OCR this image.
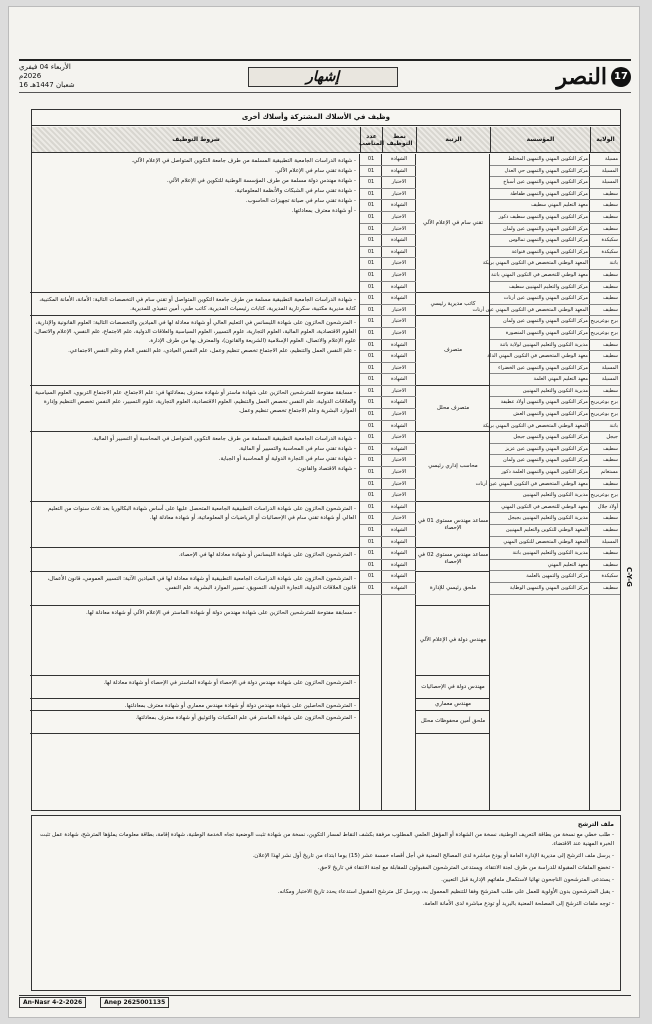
الأربعاء 04 فيفري 2026م
16 شعبان 1447هـ
إشهار	17
النصر
وظيف في الأسلاك المشتركة وأسلاك أخرى
الولاية
المؤسسة
الرتبة
نمط التوظيف
عدد المناصب
شروط التوظيف
مسيلة
المسيلة
المسيلة
سطيف
سطيف
سطيف
سطيف
سكيكدة
سكيكدة
باتنة
سطيف
سطيف
سطيف
سطيف
برج بوعريريج
برج بوعريريج
سطيف
سطيف
المسيلة
المسيلة
سطيف
برج بوعريريج
برج بوعريريج
باتنة
جيجل
سطيف
سطيف
مستغانم
سطيف
برج بوعريريج
أولاد جلال
سطيف
سطيف
المسيلة
سطيف
سطيف
سكيكدة
سطيف
مركز التكوين المهني والتمهين المختلط
مركز التكوين المهني والتمهين حي العدل
مركز التكوين المهني والتمهين عين أسباخ
مركز التكوين المهني والتمهين طفاطة
معهد التعليم المهني سطيف
مركز التكوين المهني والتمهين سطيف ذكور
مركز التكوين المهني والتمهين عين ولمان
مركز التكوين المهني والتمهين تمالوس
مركز التكوين المهني والتمهين قنواعة
المعهد الوطني المتخصص في التكوين المهني بريكة
معهد الوطني للتخصص في التكوين المهني باتنة
مركز التكوين والتعليم المهنيين سطيف
مركز التكوين المهني والتمهين عين أرنات
المعهد الوطني المتخصص في التكوين المهني عين أرنات
مركز التكوين المهني والتمهين عين ولمان
مركز التكوين المهني والتمهين المنصورة
مديرية التكوين والتعليم المهنيين لولاية باتنة
معهد الوطني المتخصص في التكوين المهني الدلة
مركز التكوين المهني والتمهين عين الخضراء
معهد التعليم المهني العلمة
مديرية التكوين والتعليم المهنيين
مركز التكوين المهني والتمهين أولاد عطيفة
مركز التكوين المهني والتمهين العش
المعهد الوطني المتخصص في التكوين المهني بريكة
مركز التكوين المهني والتمهين جيجل
مركز التكوين المهني والتمهين عين عزيز
مركز التكوين المهني والتمهين عين ولمان
مركز التكوين المهني والتمهين العلمة ذكور
معهد الوطني المتخصص في التكوين المهني عين أرنات
مديرية التكوين والتعليم المهنيين
معهد الوطني للتخصص في التكوين المهني
مديرية التكوين والتعليم المهنيين بجيجل
المعهد الوطني للتكوين والتعليم المهنيين
المعهد الوطني المتخصص للتكوين المهني
مديرية التكوين والتعليم المهنيين باتنة
معهد التعليم المهني
مركز التكوين والتمهين بالعلمة
مركز التكوين المهني والتمهين الوطاية
الشهادة
الشهادة
الاختبار
الاختبار
الشهادة
الاختبار
الاختبار
الشهادة
الشهادة
الاختبار
الاختبار
الشهادة
الشهادة
الاختبار
الاختبار
الاختبار
الشهادة
الشهادة
الاختبار
الشهادة
الاختبار
الشهادة
الاختبار
الشهادة
الاختبار
الشهادة
الاختبار
الاختبار
الاختبار
الاختبار
الشهادة
الاختبار
الشهادة
الشهادة
الشهادة
الشهادة
الشهادة
الشهادة
01
01
01
01
01
01
01
01
01
01
01
01
01
01
01
01
01
01
01
01
01
01
01
01
01
01
01
01
01
01
01
01
01
01
01
01
01
01
تقني سام في الإعلام الآلي

- شهادة الدراسات الجامعية التطبيقية المسلمة من طرف جامعة التكوين المتواصل في الإعلام الآلي.

- شهادة تقني سام في الإعلام الآلي.

- شهادة مهندس دولة مسلمة من طرف المؤسسة الوطنية للتكوين في الإعلام الآلي.

- شهادة تقني سام في الشبكات والأنظمة المعلوماتية.

- شهادة تقني سام في صيانة تجهيزات الحاسوب.

- أو شهادة معترف بمعادلتها.

كاتب مديرية رئيسي

- شهادة الدراسات الجامعية التطبيقية مسلمة من طرف جامعة التكوين المتواصل أو تقني سام في التخصصات التالية: الأمانة، الأمانة المكتبية، كتابة مديرية مكتبية، سكرتارية المديرية، كتابات رئيسيات المديرية، كاتب طبي، أمين تنفيذي للمديرية.

متصرف

- المترشحون الحائزون على شهادة الليسانس في التعليم العالي أو شهادة معادلة لها في الميادين والتخصصات التالية: العلوم القانونية والإدارية، العلوم الاقتصادية، العلوم المالية، العلوم التجارية، علوم التسيير، العلوم السياسية والعلاقات الدولية، علم الاجتماع، علم النفس، الإعلام والاتصال، علوم الإعلام والاتصال، العلوم الإسلامية (الشريعة والقانون)، والمعترف بها من طرف الإدارة.

- علم النفس العمل والتنظيم، علم الاجتماع تخصص تنظيم وعمل، علم النفس العيادي، علم النفس العام وعلم النفس الاجتماعي.

متصرف محلل

- مسابقة مفتوحة للمترشحين الحائزين على شهادة ماستر أو شهادة معترف بمعادلتها في: علم الاجتماع، علم الاجتماع التربوي، العلوم السياسية والعلاقات الدولية، علم النفس تخصص العمل والتنظيم، العلوم الاقتصادية، العلوم التجارية، علوم التسيير، علم النفس تخصص التنظيم وإدارة الموارد البشرية وعلم الاجتماع تخصص تنظيم وعمل.

محاسب إداري رئيسي

- شهادة الدراسات الجامعية التطبيقية المسلمة من طرف جامعة التكوين المتواصل في المحاسبة أو التسيير أو المالية.

- شهادة تقني سام في المحاسبة والتسيير أو المالية.

- شهادة تقني سام في التجارة الدولية أو المحاسبة أو الجباية.

- شهادة الاقتصاد والقانون.

مساعد مهندس مستوى 01 في الإحصاء

- المترشحون الحائزون على شهادة الدراسات التطبيقية الجامعية المتحصل عليها على أساس شهادة البكالوريا بعد ثلاث سنوات من التعليم العالي أو شهادة تقني سام في الإحصائيات أو الرياضيات أو المعلوماتية، أو شهادة معادلة لها.

مساعد مهندس مستوى 02 في الإحصاء

- المترشحون الحائزون على شهادة الليسانس أو شهادة معادلة لها في الإحصاء.

ملحق رئيسي للإدارة

- المترشحون الحائزون على شهادة الدراسات الجامعية التطبيقية أو شهادة معادلة لها في الميادين الآتية: التسيير العمومي، قانون الأعمال، قانون العلاقات الدولية، التجارة الدولية، التسويق، تسيير الموارد البشرية، علم النفس.

مهندس دولة في الإعلام الآلي

- مسابقة مفتوحة للمترشحين الحائزين على شهادة مهندس دولة أو شهادة الماستر في الإعلام الآلي أو شهادة معادلة لها.

مهندس دولة في الإحصائيات

- المترشحون الحائزون على شهادة مهندس دولة في الإحصاء أو شهادة الماستر في الإحصاء أو شهادة معادلة لها.

مهندس معماري

- المترشحون الحاصلين على شهادة مهندس دولة أو شهادة مهندس معماري أو شهادة معترف بمعادلتها.

ملحق أمين محفوظات محلل

- المترشحون الحائزون على شهادة الماستر في علم المكتبات والتوثيق أو شهادة معترف بمعادلتها.

ملف الترشح

- طلب خطي مع نسخة من بطاقة التعريف الوطنية، نسخة من الشهادة أو المؤهل العلمي المطلوب مرفقة بكشف النقاط لمسار التكوين، نسخة من شهادة تثبت الوضعية تجاه الخدمة الوطنية، شهادة إقامة، بطاقة معلومات يملؤها المترشح، شهادة عمل تثبت الخبرة المهنية عند الاقتضاء.

- يرسل ملف الترشح إلى مديرية الإدارة العامة أو يودع مباشرة لدى المصالح المعنية في أجل أقصاه خمسة عشر (15) يوما ابتداء من تاريخ أول نشر لهذا الإعلان.

- تخضع الملفات المقبولة للدراسة من طرف لجنة الانتقاء، ويستدعى المترشحون المقبولون للمقابلة مع لجنة الانتقاء في تاريخ لاحق.

- يستدعى المترشحون الناجحون نهائيا لاستكمال ملفاتهم الإدارية قبل التعيين.

- يقبل المترشحون بدون الأولوية للعمل على طلب المترشح وفقا للتنظيم المعمول به، ويرسل كل مترشح المقبول استدعاء يحدد تاريخ الاختبار ومكانه.

- توجه ملفات الترشح إلى المصلحة المعنية بالبريد أو تودع مباشرة لدى الأمانة العامة.

An-Nasr 4-2-2026	Anep 2625001135
C-Y-G
